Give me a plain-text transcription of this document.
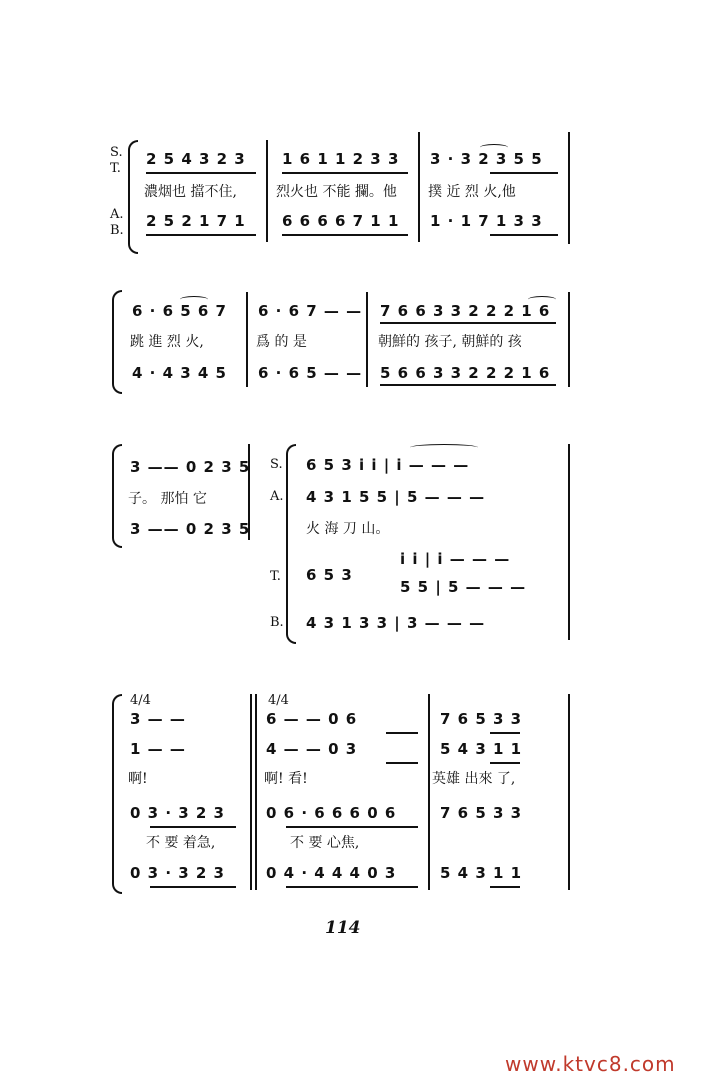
S.
T.
A.
B.
2 5 4 3 2 3
濃烟也 擋不住,
2 5 2 1 7 1
1 6 1 1 2 3 3
烈火也 不能 攔。他
6 6 6 6 7 1 1
3 · 3 2 3 5 5
撲 近 烈 火,他
1 · 1 7 1 3 3
6 · 6 5 6 7
跳 進 烈 火,
4 · 4 3 4 5
6 · 6 7 — —
爲 的 是
6 · 6 5 — —
7 6 6 3 3 2 2 2 1 6
朝鮮的 孩子, 朝鮮的 孩
5 6 6 3 3 2 2 2 1 6
3 —— 0 2 3 5
子。 那怕 它
3 —— 0 2 3 5
S.
A.
T.
B.
6 5 3 i i | i — — —
4 3 1 5 5 | 5 — — —
火 海 刀 山。
i i | i — — —
6 5 3
5 5 | 5 — — —
4 3 1 3 3 | 3 — — —
4/4	4/4
3 — —
1 — —
啊!
0 3 · 3 2 3
不 要 着急,
0 3 · 3 2 3
6 — — 0 6
4 — — 0 3
啊! 看!
0 6 · 6 6 6 0 6
不 要 心焦,
0 4 · 4 4 4 0 3
7 6 5 3 3
5 4 3 1 1
英雄 出來 了,
7 6 5 3 3
5 4 3 1 1
114
www.ktvc8.com
